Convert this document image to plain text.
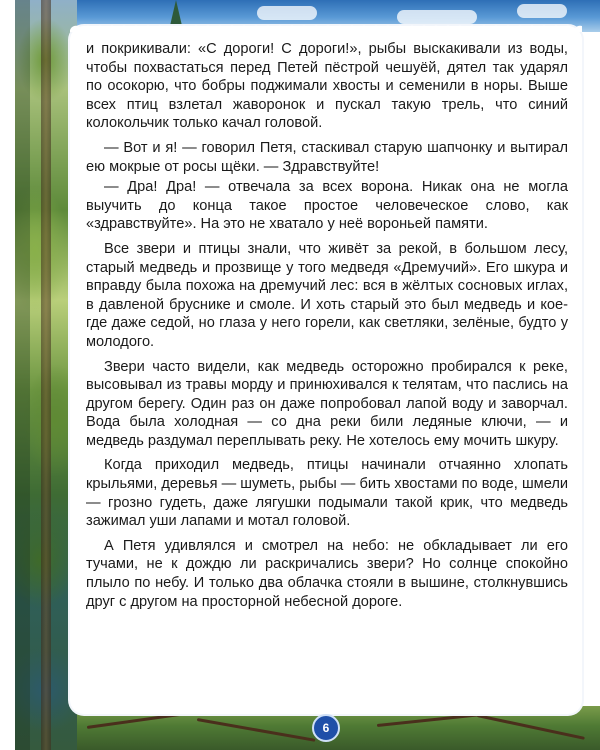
и покрикивали: «С дороги! С дороги!», рыбы выскакивали из воды, чтобы похвастаться перед Петей пёстрой чешуёй, дятел так ударял по осокорю, что бобры поджимали хвосты и семенили в норы. Выше всех птиц взлетал жаворонок и пускал такую трель, что синий колокольчик только качал головой.

— Вот и я! — говорил Петя, стаскивал старую шапчонку и вытирал ею мокрые от росы щёки. — Здравствуйте!

— Дра! Дра! — отвечала за всех ворона. Никак она не могла выучить до конца такое простое человеческое слово, как «здравствуйте». На это не хватало у неё вороньей памяти.

Все звери и птицы знали, что живёт за рекой, в большом лесу, старый медведь и прозвище у того медведя «Дремучий». Его шкура и вправду была похожа на дремучий лес: вся в жёлтых сосновых иглах, в давленой бруснике и смоле. И хоть старый это был медведь и кое-где даже седой, но глаза у него горели, как светляки, зелёные, будто у молодого.

Звери часто видели, как медведь осторожно пробирался к реке, высовывал из травы морду и принюхивался к телятам, что паслись на другом берегу. Один раз он даже попробовал лапой воду и заворчал. Вода была холодная — со дна реки били ледяные ключи, — и медведь раздумал переплывать реку. Не хотелось ему мочить шкуру.

Когда приходил медведь, птицы начинали отчаянно хлопать крыльями, деревья — шуметь, рыбы — бить хвостами по воде, шмели — грозно гудеть, даже лягушки подымали такой крик, что медведь зажимал уши лапами и мотал головой.

А Петя удивлялся и смотрел на небо: не обкладывает ли его тучами, не к дождю ли раскричались звери? Но солнце спокойно плыло по небу. И только два облачка стояли в вышине, столкнувшись друг с другом на просторной небесной дороге.

6
